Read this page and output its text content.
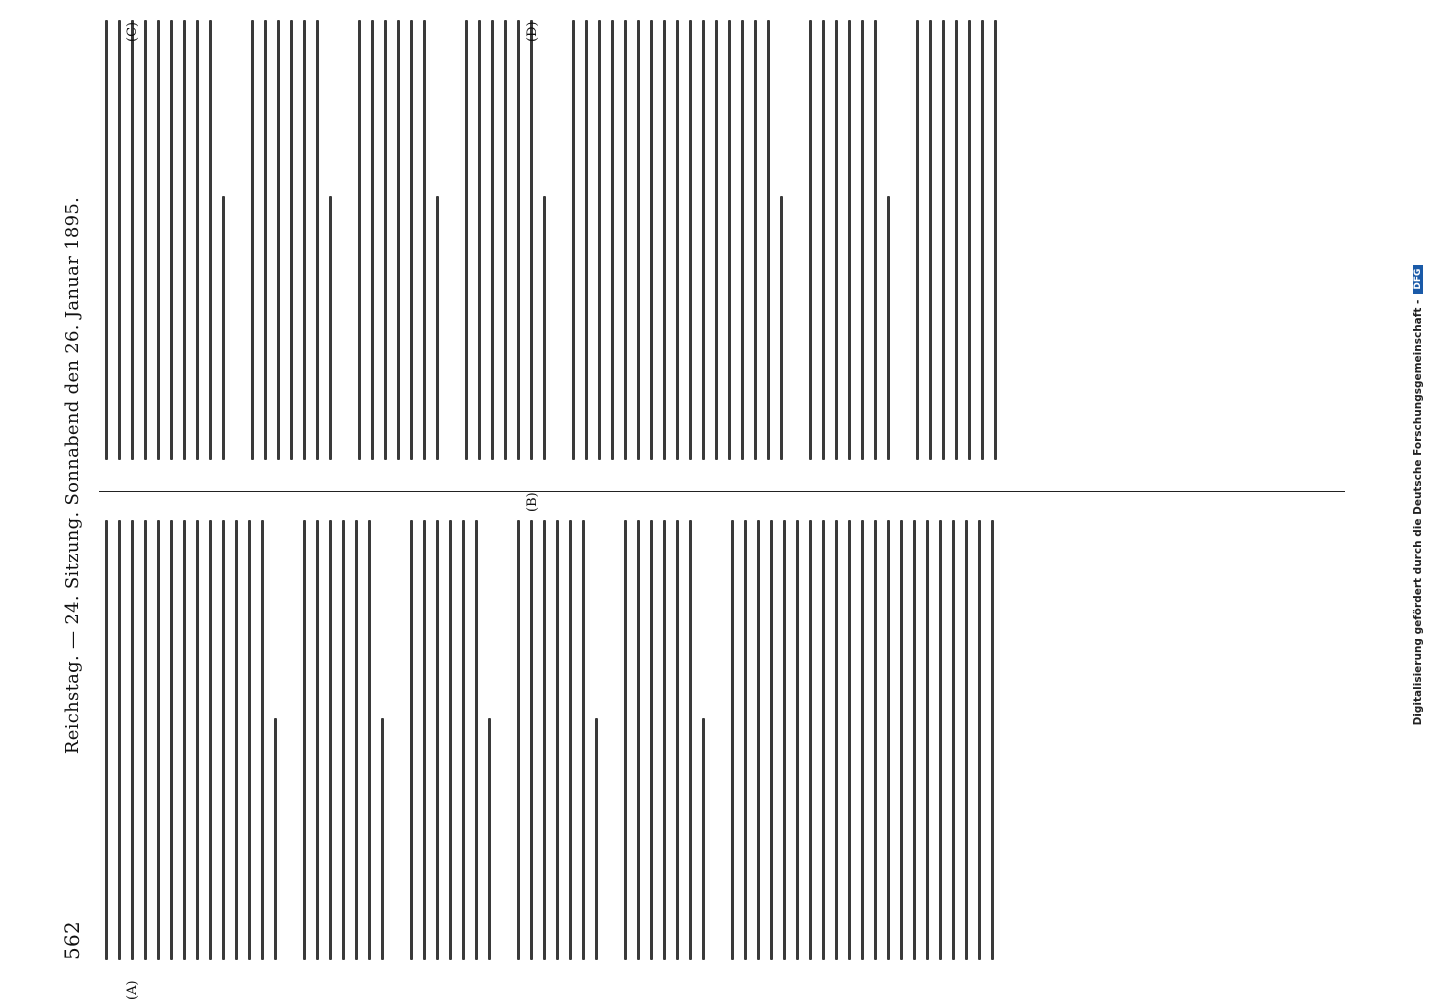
562
Reichstag. — 24. Sitzung. Sonnabend den 26. Januar 1895.
(A)
(B)
(C)	(D)
Digitalisierung gefördert durch die Deutsche Forschungsgemeinschaft -
DFG
